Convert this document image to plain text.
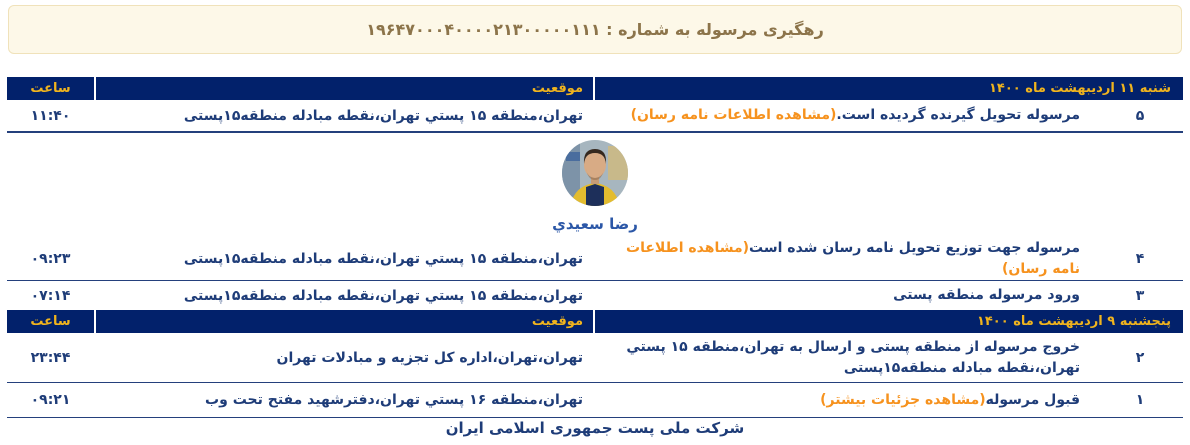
رهگیری مرسوله به شماره : ۱۹۶۴۷۰۰۰۴۰۰۰۰۲۱۳۰۰۰۰۰۱۱۱
شنبه ۱۱ اردیبهشت ماه ۱۴۰۰
موقعیت
ساعت
۵
مرسوله تحویل گیرنده گردیده است.(مشاهده اطلاعات نامه رسان)
تهران،منطقه ۱۵ پستي تهران،نقطه مبادله منطقه۱۵پستی
۱۱:۴۰
رضا سعیدي
۴
مرسوله جهت توزیع تحویل نامه رسان شده است(مشاهده اطلاعات نامه رسان)
تهران،منطقه ۱۵ پستي تهران،نقطه مبادله منطقه۱۵پستی
۰۹:۲۳
۳
ورود مرسوله منطقه پستی
تهران،منطقه ۱۵ پستي تهران،نقطه مبادله منطقه۱۵پستی
۰۷:۱۴
پنجشنبه ۹ اردیبهشت ماه ۱۴۰۰
موقعیت
ساعت
۲
خروج مرسوله از منطقه پستی و ارسال به تهران،منطقه ۱۵ پستي تهران،نقطه مبادله منطقه۱۵پستی
تهران،تهران،اداره کل تجزیه و مبادلات تهران
۲۳:۴۴
۱
قبول مرسوله(مشاهده جزئیات بیشتر)
تهران،منطقه ۱۶ پستي تهران،دفترشهید مفتح تحت وب
۰۹:۲۱
شرکت ملی پست جمهوری اسلامی ایران
